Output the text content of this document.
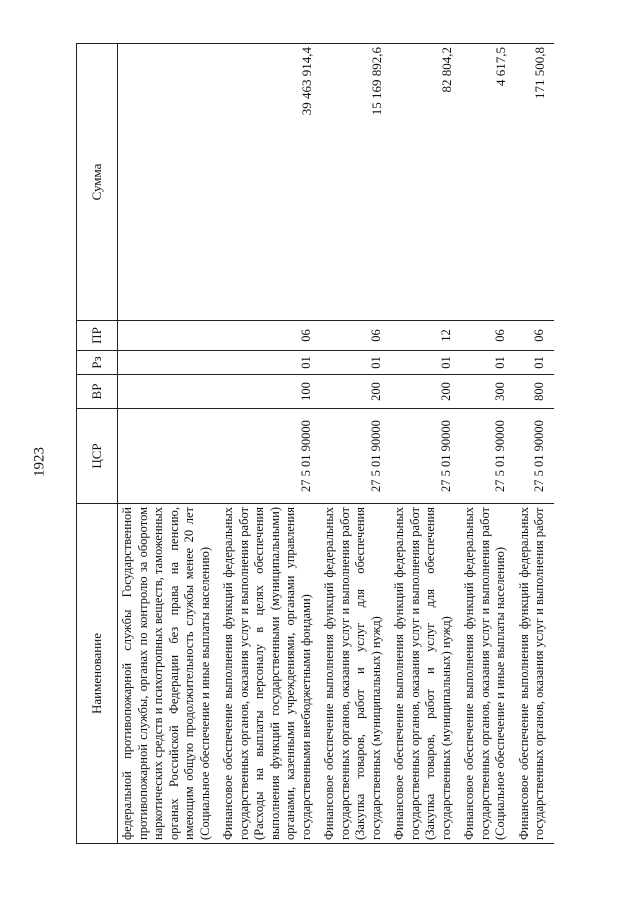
1923
Наименование	ЦСР	ВР	Рз	ПР	Сумма
федеральной противопожарной службы Государственной противопожарной службы, органах по контролю за оборотом наркотических средств и психотропных веществ, таможенных органах Российской Федерации без права на пенсию, имеющим общую продолжительность службы менее 20 лет (Социальное обеспечение и иные выплаты населению)					
Финансовое обеспечение выполнения функций федеральных государственных органов, оказания услуг и выполнения работ (Расходы на выплаты персоналу в целях обеспечения выполнения функций государственными (муниципальными) органами, казенными учреждениями, органами управления государственными внебюджетными фондами)	27 5 01 90000	100	01	06	39 463 914,4
Финансовое обеспечение выполнения функций федеральных государственных органов, оказания услуг и выполнения работ (Закупка товаров, работ и услуг для обеспечения государственных (муниципальных) нужд)	27 5 01 90000	200	01	06	15 169 892,6
Финансовое обеспечение выполнения функций федеральных государственных органов, оказания услуг и выполнения работ (Закупка товаров, работ и услуг для обеспечения государственных (муниципальных) нужд)	27 5 01 90000	200	01	12	82 804,2
Финансовое обеспечение выполнения функций федеральных государственных органов, оказания услуг и выполнения работ (Социальное обеспечение и иные выплаты населению)	27 5 01 90000	300	01	06	4 617,5
Финансовое обеспечение выполнения функций федеральных государственных органов, оказания услуг и выполнения работ	27 5 01 90000	800	01	06	171 500,8
